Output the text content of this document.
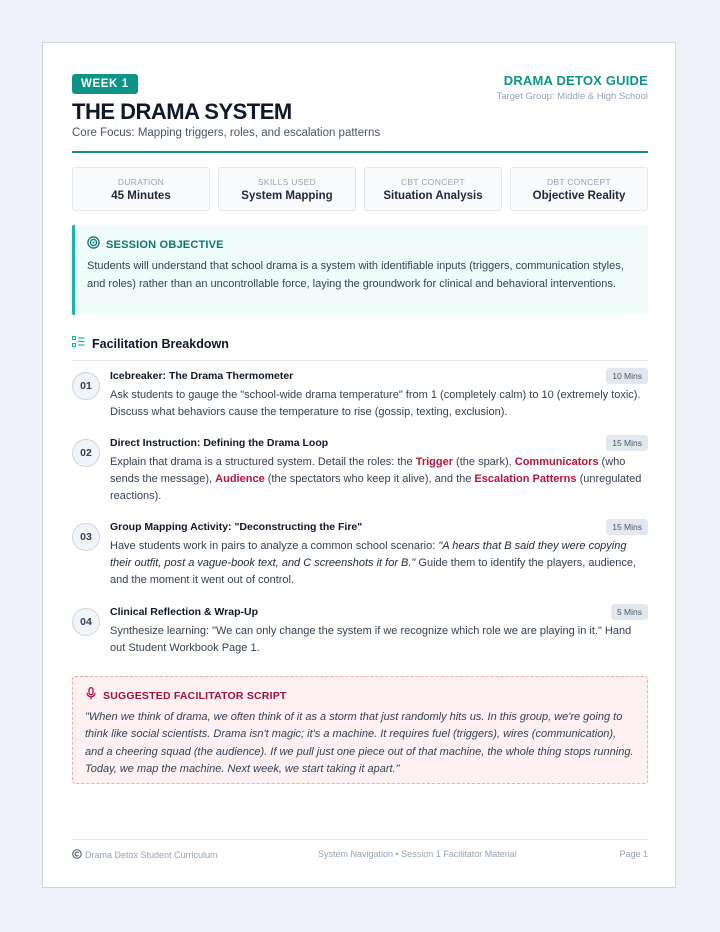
WEEK 1
THE DRAMA SYSTEM
Core Focus: Mapping triggers, roles, and escalation patterns
DRAMA DETOX GUIDE
Target Group: Middle & High School
DURATION
45 Minutes
SKILLS USED
System Mapping
CBT CONCEPT
Situation Analysis
DBT CONCEPT
Objective Reality
SESSION OBJECTIVE
Students will understand that school drama is a system with identifiable inputs (triggers, communication styles, and roles) rather than an uncontrollable force, laying the groundwork for clinical and behavioral interventions.
Facilitation Breakdown
01
Icebreaker: The Drama Thermometer	10 Mins
Ask students to gauge the "school-wide drama temperature" from 1 (completely calm) to 10 (extremely toxic). Discuss what behaviors cause the temperature to rise (gossip, texting, exclusion).
02
Direct Instruction: Defining the Drama Loop	15 Mins
Explain that drama is a structured system. Detail the roles: the Trigger (the spark), Communicators (who sends the message), Audience (the spectators who keep it alive), and the Escalation Patterns (unregulated reactions).
03
Group Mapping Activity: "Deconstructing the Fire"	15 Mins
Have students work in pairs to analyze a common school scenario: "A hears that B said they were copying their outfit, post a vague-book text, and C screenshots it for B." Guide them to identify the players, audience, and the moment it went out of control.
04
Clinical Reflection & Wrap-Up	5 Mins
Synthesize learning: "We can only change the system if we recognize which role we are playing in it." Hand out Student Workbook Page 1.
SUGGESTED FACILITATOR SCRIPT
"When we think of drama, we often think of it as a storm that just randomly hits us. In this group, we're going to think like social scientists. Drama isn't magic; it's a machine. It requires fuel (triggers), wires (communication), and a cheering squad (the audience). If we pull just one piece out of that machine, the whole thing stops running. Today, we map the machine. Next week, we start taking it apart."
Drama Detox Student Curriculum	System Navigation • Session 1 Facilitator Material	Page 1
